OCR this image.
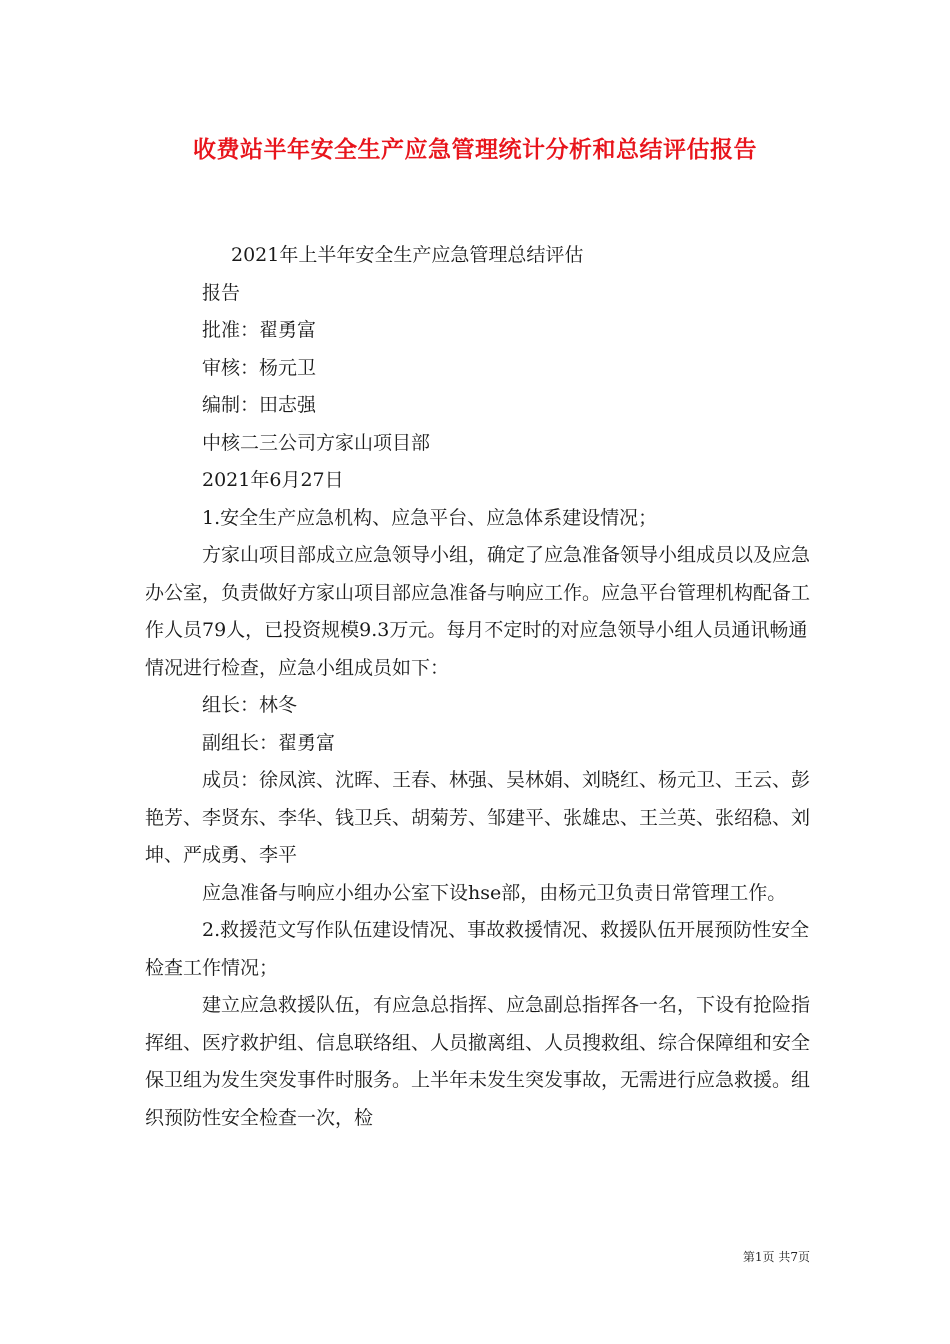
收费站半年安全生产应急管理统计分析和总结评估报告

2021年上半年安全生产应急管理总结评估

报告

批准：翟勇富

审核：杨元卫

编制：田志强

中核二三公司方家山项目部

2021年6月27日

1.安全生产应急机构、应急平台、应急体系建设情况；

方家山项目部成立应急领导小组，确定了应急准备领导小组成员以及应急办公室，负责做好方家山项目部应急准备与响应工作。应急平台管理机构配备工作人员79人，已投资规模9.3万元。每月不定时的对应急领导小组人员通讯畅通情况进行检查，应急小组成员如下：

组长：林冬

副组长：翟勇富

成员：徐凤滨、沈晖、王春、林强、吴林娟、刘晓红、杨元卫、王云、彭艳芳、李贤东、李华、钱卫兵、胡菊芳、邹建平、张雄忠、王兰英、张绍稳、刘坤、严成勇、李平

应急准备与响应小组办公室下设hse部，由杨元卫负责日常管理工作。

2.救援范文写作队伍建设情况、事故救援情况、救援队伍开展预防性安全检查工作情况；

建立应急救援队伍，有应急总指挥、应急副总指挥各一名，下设有抢险指挥组、医疗救护组、信息联络组、人员撤离组、人员搜救组、综合保障组和安全保卫组为发生突发事件时服务。上半年未发生突发事故，无需进行应急救援。组织预防性安全检查一次，检

第1页 共7页
